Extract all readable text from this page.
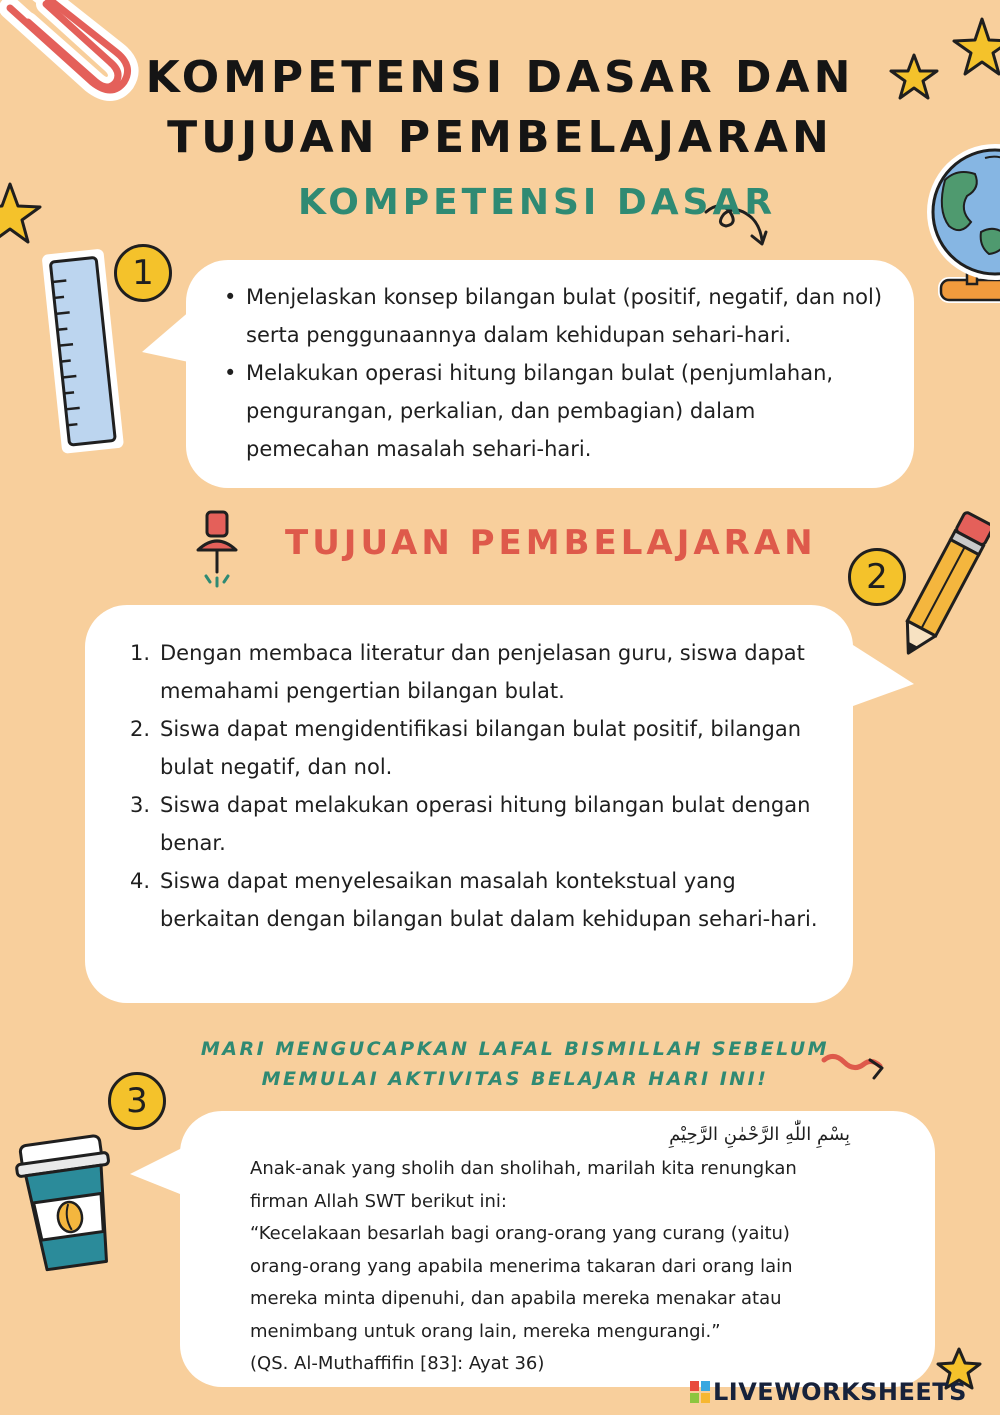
KOMPETENSI DASAR DAN
TUJUAN PEMBELAJARAN
KOMPETENSI DASAR
1
• Menjelaskan konsep bilangan bulat (positif, negatif, dan nol) serta penggunaannya dalam kehidupan sehari-hari.
• Melakukan operasi hitung bilangan bulat (penjumlahan, pengurangan, perkalian, dan pembagian) dalam pemecahan masalah sehari-hari.
TUJUAN PEMBELAJARAN
2
1. Dengan membaca literatur dan penjelasan guru, siswa dapat memahami pengertian bilangan bulat.
2. Siswa dapat mengidentifikasi bilangan bulat positif, bilangan bulat negatif, dan nol.
3. Siswa dapat melakukan operasi hitung bilangan bulat dengan benar.
4. Siswa dapat menyelesaikan masalah kontekstual yang berkaitan dengan bilangan bulat dalam kehidupan sehari-hari.
MARI MENGUCAPKAN LAFAL BISMILLAH SEBELUM
MEMULAI AKTIVITAS BELAJAR HARI INI!
3
بِسْمِ اللّٰهِ الرَّحْمٰنِ الرَّحِيْمِ
Anak-anak yang sholih dan sholihah, marilah kita renungkan
firman Allah SWT berikut ini:
“Kecelakaan besarlah bagi orang-orang yang curang (yaitu)
orang-orang yang apabila menerima takaran dari orang lain
mereka minta dipenuhi, dan apabila mereka menakar atau
menimbang untuk orang lain, mereka mengurangi.”
(QS. Al-Muthaffifin [83]: Ayat 36)
LIVEWORKSHEETS
